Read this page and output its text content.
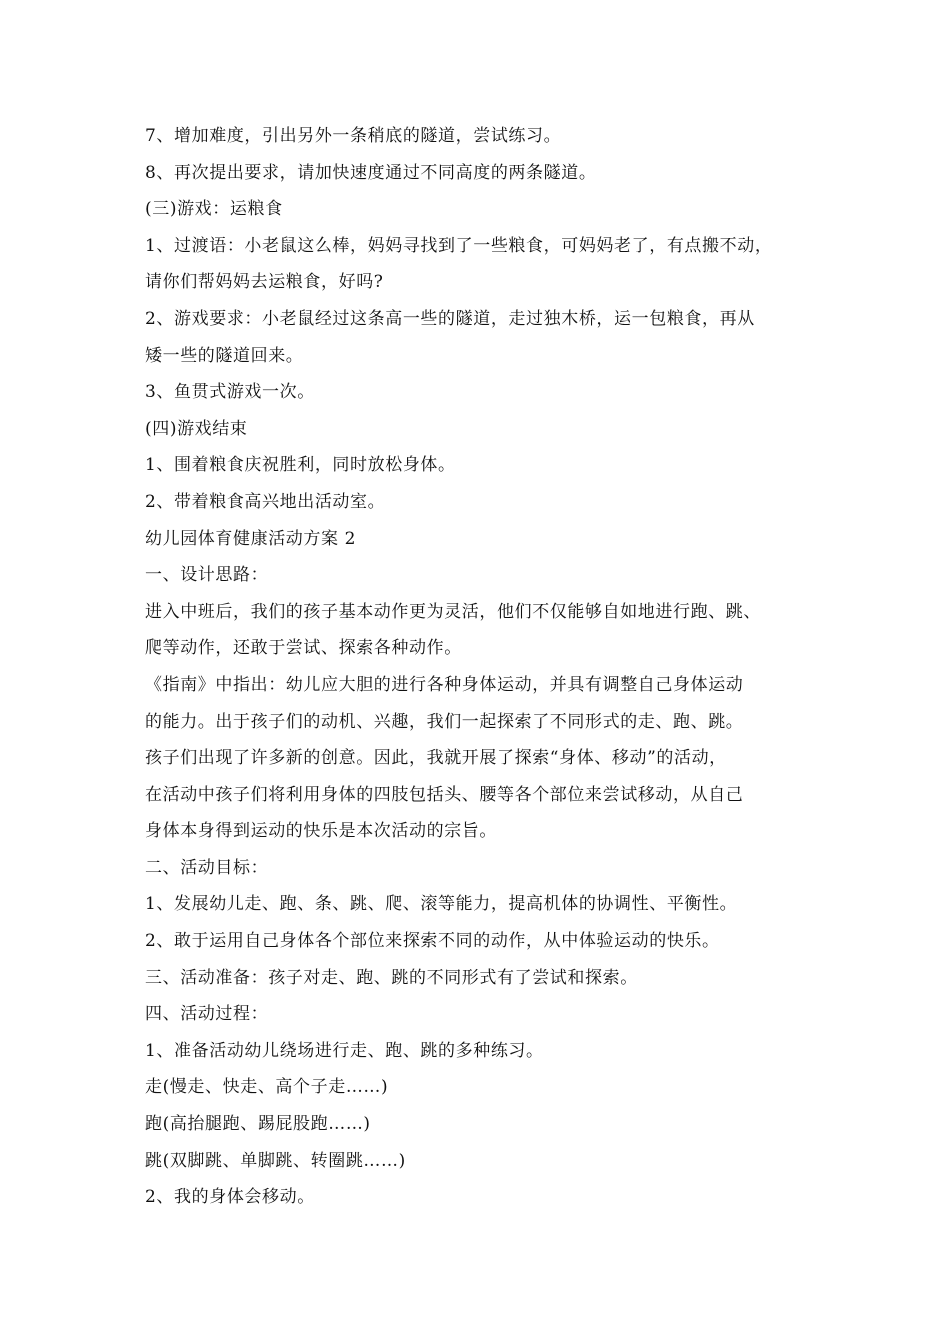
7、增加难度，引出另外一条稍底的隧道，尝试练习。
8、再次提出要求，请加快速度通过不同高度的两条隧道。
(三)游戏：运粮食
1、过渡语：小老鼠这么棒，妈妈寻找到了一些粮食，可妈妈老了，有点搬不动，
请你们帮妈妈去运粮食，好吗?
2、游戏要求：小老鼠经过这条高一些的隧道，走过独木桥，运一包粮食，再从
矮一些的隧道回来。
3、鱼贯式游戏一次。
(四)游戏结束
1、围着粮食庆祝胜利，同时放松身体。
2、带着粮食高兴地出活动室。
幼儿园体育健康活动方案 2
一、设计思路：
进入中班后，我们的孩子基本动作更为灵活，他们不仅能够自如地进行跑、跳、
爬等动作，还敢于尝试、探索各种动作。
《指南》中指出：幼儿应大胆的进行各种身体运动，并具有调整自己身体运动
的能力。出于孩子们的动机、兴趣，我们一起探索了不同形式的走、跑、跳。
孩子们出现了许多新的创意。因此，我就开展了探索“身体、移动”的活动，
在活动中孩子们将利用身体的四肢包括头、腰等各个部位来尝试移动，从自己
身体本身得到运动的快乐是本次活动的宗旨。
二、活动目标：
1、发展幼儿走、跑、条、跳、爬、滚等能力，提高机体的协调性、平衡性。
2、敢于运用自己身体各个部位来探索不同的动作，从中体验运动的快乐。
三、活动准备：孩子对走、跑、跳的不同形式有了尝试和探索。
四、活动过程：
1、准备活动幼儿绕场进行走、跑、跳的多种练习。
走(慢走、快走、高个子走……)
跑(高抬腿跑、踢屁股跑……)
跳(双脚跳、单脚跳、转圈跳……)
2、我的身体会移动。
